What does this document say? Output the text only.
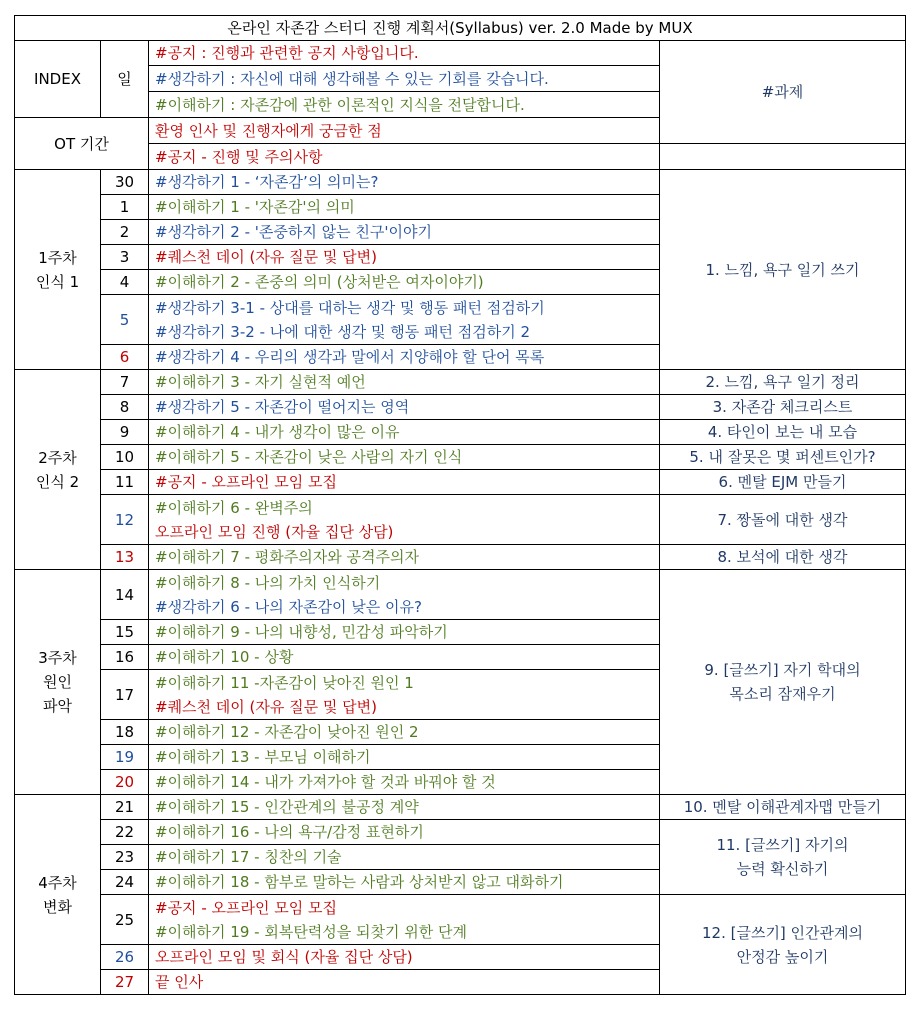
온라인 자존감 스터디 진행 계획서(Syllabus) ver. 2.0 Made by MUX			
INDEX	일	#공지 : 진행과 관련한 공지 사항입니다.	#과제
		#생각하기 : 자신에 대해 생각해볼 수 있는 기회를 갖습니다.	
		#이해하기 : 자존감에 관한 이론적인 지식을 전달합니다.	
OT 기간		환영 인사 및 진행자에게 궁금한 점	
		#공지 - 진행 및 주의사항	

1주차
인식 1	30	#생각하기 1 - ‘자존감’의 의미는?	1. 느낌, 욕구 일기 쓰기
	1	#이해하기 1 - '자존감'의 의미	

	2	#생각하기 2 - '존중하지 않는 친구'이야기	

	3	#퀘스천 데이 (자유 질문 및 답변)	

	4	#이해하기 2 - 존중의 의미 (상처받은 여자이야기)	

	5	#생각하기 3-1 - 상대를 대하는 생각 및 행동 패턴 점검하기
#생각하기 3-2 - 나에 대한 생각 및 행동 패턴 점검하기 2	

	6	#생각하기 4 - 우리의 생각과 말에서 지양해야 할 단어 목록	

2주차
인식 2	7	#이해하기 3 - 자기 실현적 예언	2. 느낌, 욕구 일기 정리
	8	#생각하기 5 - 자존감이 떨어지는 영역	3. 자존감 체크리스트
	9	#이해하기 4 - 내가 생각이 많은 이유	4. 타인이 보는 내 모습
	10	#이해하기 5 - 자존감이 낮은 사람의 자기 인식	5. 내 잘못은 몇 퍼센트인가?
	11	#공지 - 오프라인 모임 모집	6. 멘탈 EJM 만들기
	12	#이해하기 6 - 완벽주의
오프라인 모임 진행 (자율 집단 상담)	7. 짱돌에 대한 생각
	13	#이해하기 7 - 평화주의자와 공격주의자	8. 보석에 대한 생각

3주차
원인
파악	14	#이해하기 8 - 나의 가치 인식하기
#생각하기 6 - 나의 자존감이 낮은 이유?	9. [글쓰기] 자기 학대의
목소리 잠재우기

	15	#이해하기 9 - 나의 내향성, 민감성 파악하기	

	16	#이해하기 10 - 상황	

	17	#이해하기 11 -자존감이 낮아진 원인 1
#퀘스천 데이 (자유 질문 및 답변)	

	18	#이해하기 12 - 자존감이 낮아진 원인 2	

	19	#이해하기 13 - 부모님 이해하기	

	20	#이해하기 14 - 내가 가져가야 할 것과 바꿔야 할 것	

4주차
변화	21	#이해하기 15 - 인간관계의 불공정 계약	10. 멘탈 이해관계자맵 만들기
	22	#이해하기 16 - 나의 욕구/감정 표현하기	11. [글쓰기] 자기의
능력 확신하기

	23	#이해하기 17 - 칭찬의 기술	

	24	#이해하기 18 - 함부로 말하는 사람과 상처받지 않고 대화하기	

	25	#공지 - 오프라인 모임 모집
#이해하기 19 - 회복탄력성을 되찾기 위한 단계	12. [글쓰기] 인간관계의
안정감 높이기

	26	오프라인 모임 및 회식 (자율 집단 상담)	

	27	끝 인사	
